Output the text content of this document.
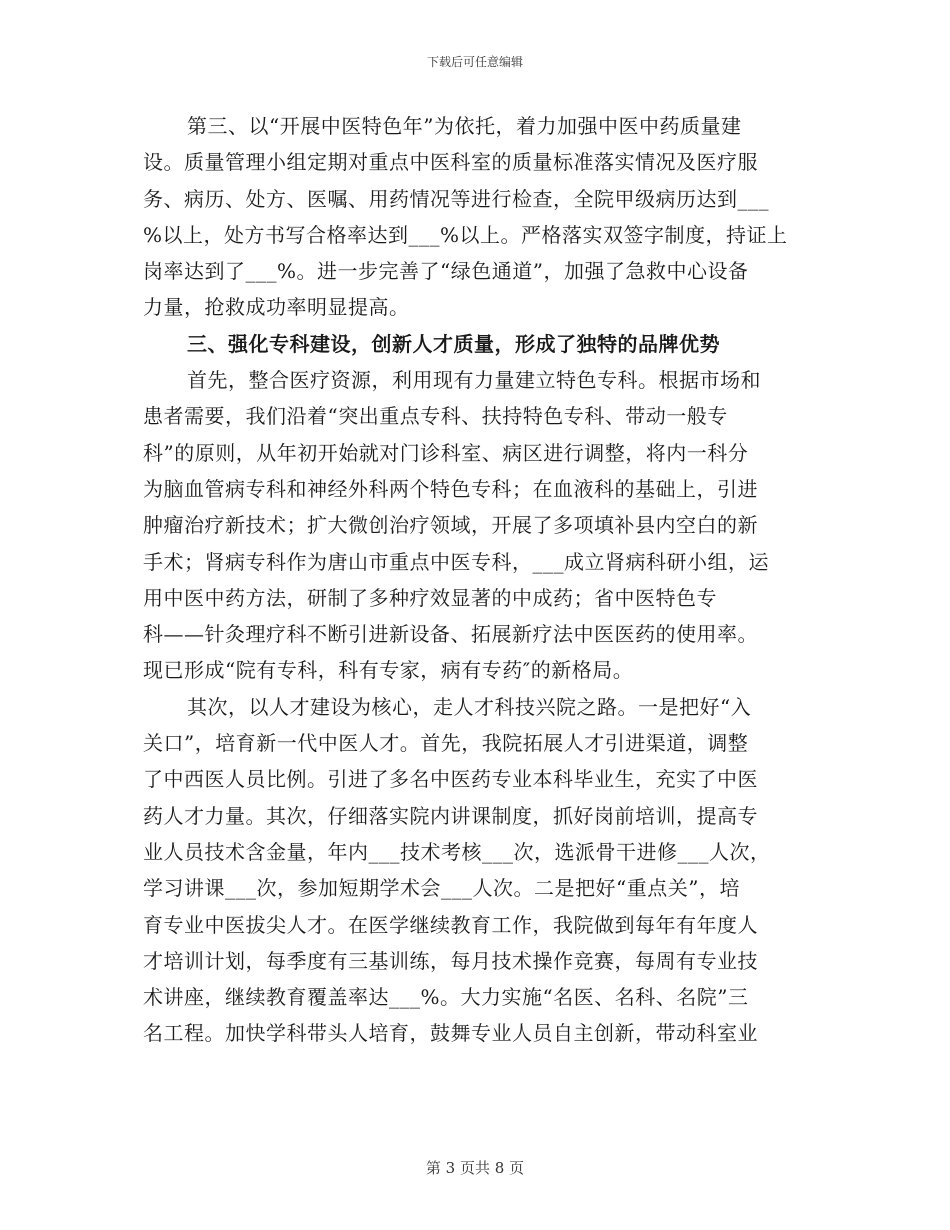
下载后可任意编辑
第三、以“开展中医特色年”为依托，着力加强中医中药质量建
设。质量管理小组定期对重点中医科室的质量标准落实情况及医疗服
务、病历、处方、医嘱、用药情况等进行检查，全院甲级病历达到___
%以上，处方书写合格率达到___%以上。严格落实双签字制度，持证上
岗率达到了___%。进一步完善了“绿色通道”，加强了急救中心设备
力量，抢救成功率明显提高。
三、强化专科建设，创新人才质量，形成了独特的品牌优势
首先，整合医疗资源，利用现有力量建立特色专科。根据市场和
患者需要，我们沿着“突出重点专科、扶持特色专科、带动一般专
科”的原则，从年初开始就对门诊科室、病区进行调整，将内一科分
为脑血管病专科和神经外科两个特色专科；在血液科的基础上，引进
肿瘤治疗新技术；扩大微创治疗领域，开展了多项填补县内空白的新
手术；肾病专科作为唐山市重点中医专科，___成立肾病科研小组，运
用中医中药方法，研制了多种疗效显著的中成药；省中医特色专
科——针灸理疗科不断引进新设备、拓展新疗法中医医药的使用率。
现已形成“院有专科，科有专家，病有专药″的新格局。
其次，以人才建设为核心，走人才科技兴院之路。一是把好“入
关口”，培育新一代中医人才。首先，我院拓展人才引进渠道，调整
了中西医人员比例。引进了多名中医药专业本科毕业生，充实了中医
药人才力量。其次，仔细落实院内讲课制度，抓好岗前培训，提高专
业人员技术含金量，年内___技术考核___次，选派骨干进修___人次，
学习讲课___次，参加短期学术会___人次。二是把好“重点关”，培
育专业中医拔尖人才。在医学继续教育工作，我院做到每年有年度人
才培训计划，每季度有三基训练，每月技术操作竞赛，每周有专业技
术讲座，继续教育覆盖率达___%。大力实施“名医、名科、名院”三
名工程。加快学科带头人培育，鼓舞专业人员自主创新，带动科室业
第 3 页共 8 页
